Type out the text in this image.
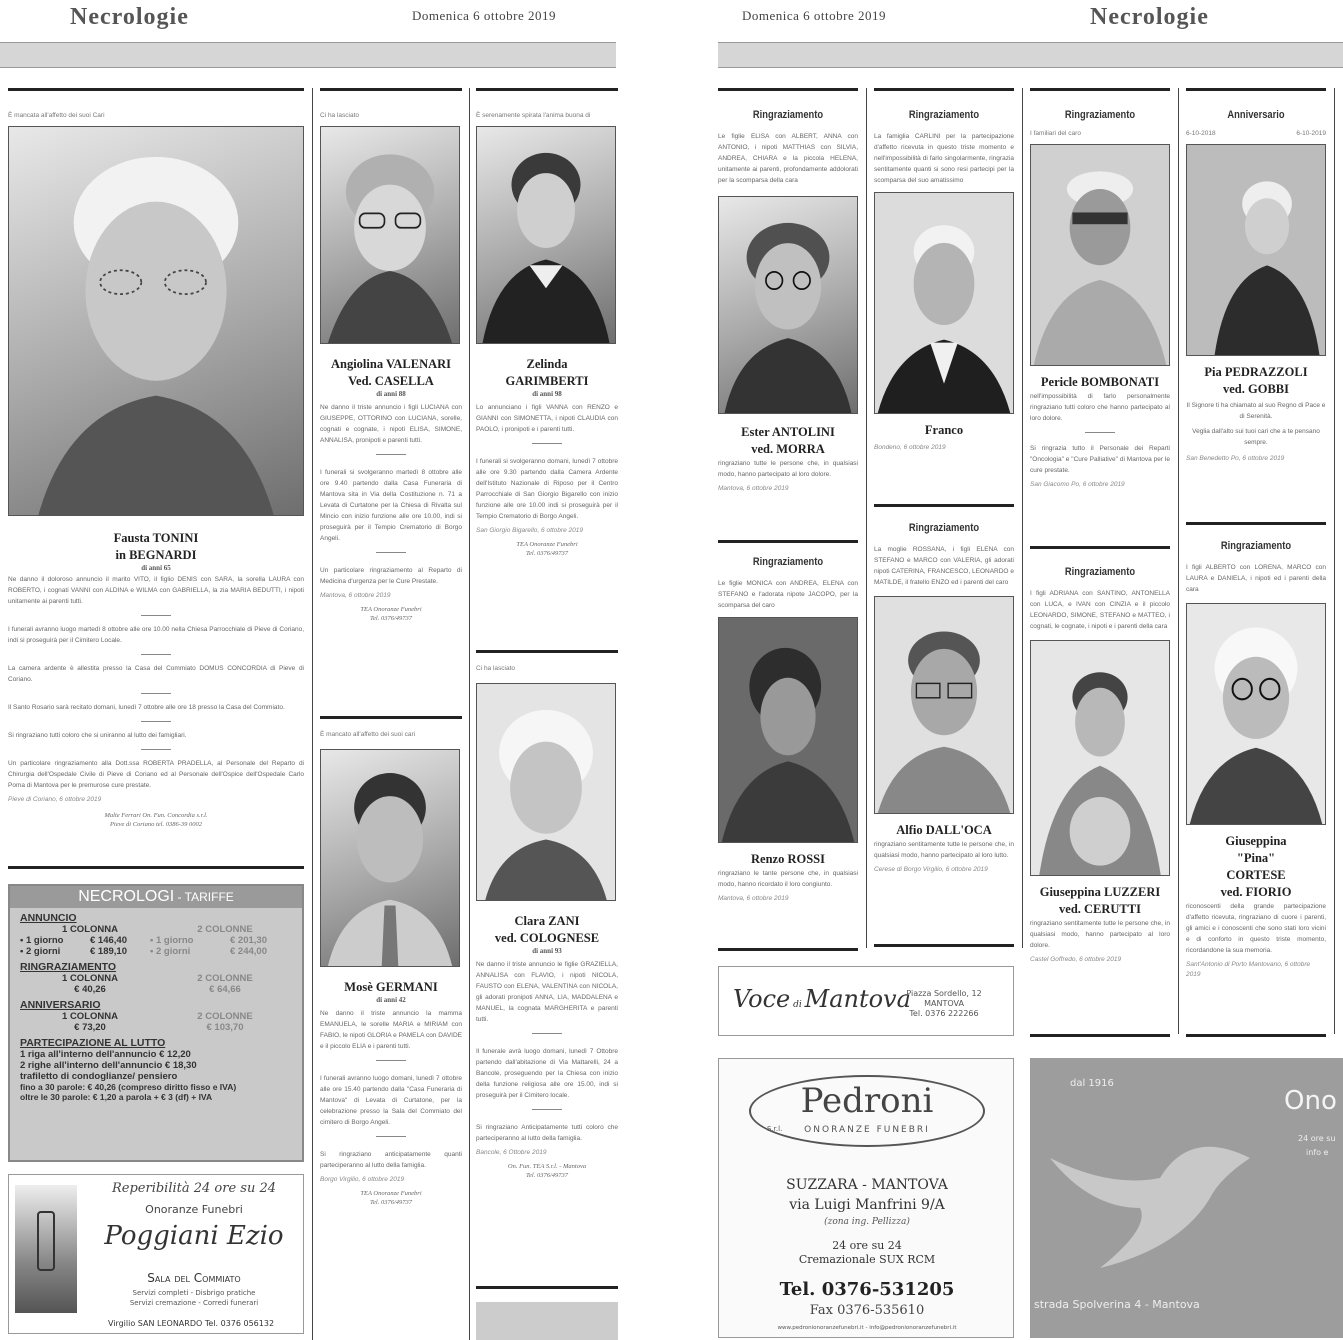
Necrologie	Domenica 6 ottobre 2019	Domenica 6 ottobre 2019	Necrologie
È mancata all'affetto dei suoi Cari
Fausta TONINI
in BEGNARDI
di anni 65
Ne danno il doloroso annuncio il marito VITO, il figlio DENIS con SARA, la sorella LAURA con ROBERTO, i cognati VANNI con ALDINA e WILMA con GABRIELLA, la zia MARIA BEDUTTI, i nipoti unitamente ai parenti tutti.
I funerali avranno luogo martedì 8 ottobre alle ore 10.00 nella Chiesa Parrocchiale di Pieve di Coriano, indi si proseguirà per il Cimitero Locale.
La camera ardente è allestita presso la Casa del Commiato DOMUS CONCORDIA di Pieve di Coriano.
Il Santo Rosario sarà recitato domani, lunedì 7 ottobre alle ore 18 presso la Casa del Commiato.
Si ringraziano tutti coloro che si uniranno al lutto dei famigliari.
Un particolare ringraziamento alla Dott.ssa ROBERTA PRADELLA, al Personale del Reparto di Chirurgia dell'Ospedale Civile di Pieve di Coriano ed al Personale dell'Ospice dell'Ospedale Carlo Poma di Mantova per le premurose cure prestate.
Pieve di Coriano, 6 ottobre 2019
Malte Ferrari On. Fun. Concordia s.r.l.
Pieve di Coriano tel. 0386-39 0002
NECROLOGI - TARIFFE
ANNUNCIO
1 COLONNA	2 COLONNE
• 1 giorno	€ 146,40	• 1 giorno	€ 201,30
• 2 giorni	€ 189,10	• 2 giorni	€ 244,00
RINGRAZIAMENTO
1 COLONNA	2 COLONNE
€ 40,26	€ 64,66
ANNIVERSARIO
1 COLONNA	2 COLONNE
€ 73,20	€ 103,70
PARTECIPAZIONE AL LUTTO
1 riga all'interno dell'annuncio € 12,20
2 righe all'interno dell'annuncio € 18,30
trafiletto di condoglianze/ pensiero
fino a 30 parole: € 40,26 (compreso diritto fisso e IVA)
oltre le 30 parole: € 1,20 a parola + € 3 (df) + IVA
Reperibilità 24 ore su 24
Onoranze Funebri
Poggiani Ezio
Sala del Commiato
Servizi completi - Disbrigo pratiche
Servizi cremazione - Corredi funerari
Virgilio SAN LEONARDO Tel. 0376 056132
Ci ha lasciato
Angiolina VALENARI
Ved. CASELLA
di anni 88
Ne danno il triste annuncio i figli LUCIANA con GIUSEPPE, OTTORINO con LUCIANA, sorelle, cognati e cognate, i nipoti ELISA, SIMONE, ANNALISA, pronipoti e parenti tutti.
I funerali si svolgeranno martedì 8 ottobre alle ore 9.40 partendo dalla Casa Funeraria di Mantova sita in Via della Costituzione n. 71 a Levata di Curtatone per la Chiesa di Rivalta sul Mincio con inizio funzione alle ore 10.00, indi si proseguirà per il Tempio Crematorio di Borgo Angeli.
Un particolare ringraziamento al Reparto di Medicina d'urgenza per le Cure Prestate.
Mantova, 6 ottobre 2019
TEA Onoranze Funebri
Tel. 0376/49737
È mancato all'affetto dei suoi cari
Mosè GERMANI
di anni 42
Ne danno il triste annuncio la mamma EMANUELA, le sorelle MARIA e MIRIAM con FABIO, le nipoti GLORIA e PAMELA con DAVIDE e il piccolo ELIA e i parenti tutti.
I funerali avranno luogo domani, lunedì 7 ottobre alle ore 15.40 partendo dalla "Casa Funeraria di Mantova" di Levata di Curtatone, per la celebrazione presso la Sala del Commiato del cimitero di Borgo Angeli.
Si ringraziano anticipatamente quanti parteciperanno al lutto della famiglia.
Borgo Virgilio, 6 ottobre 2019
TEA Onoranze Funebri
Tel. 0376/49737
È serenamente spirata l'anima buona di
Zelinda
GARIMBERTI
di anni 98
Lo annunciano i figli VANNA con RENZO e GIANNI con SIMONETTA, i nipoti CLAUDIA con PAOLO, i pronipoti e i parenti tutti.
I funerali si svolgeranno domani, lunedì 7 ottobre alle ore 9.30 partendo dalla Camera Ardente dell'Istituto Nazionale di Riposo per il Centro Parrocchiale di San Giorgio Bigarello con inizio funzione alle ore 10.00 indi si proseguirà per il Tempio Crematorio di Borgo Angeli.
San Giorgio Bigarello, 6 ottobre 2019
TEA Onoranze Funebri
Tel. 0376/49737
Ci ha lasciato
Clara ZANI
ved. COLOGNESE
di anni 93
Ne danno il triste annuncio le figlie GRAZIELLA, ANNALISA con FLAVIO, i nipoti NICOLA, FAUSTO con ELENA, VALENTINA con NICOLA, gli adorati pronipoti ANNA, LIA, MADDALENA e MANUEL, la cognata MARGHERITA e parenti tutti.
Il funerale avrà luogo domani, lunedì 7 Ottobre partendo dall'abitazione di Via Mattarelli, 24 a Bancole, proseguendo per la Chiesa con inizio della funzione religiosa alle ore 15.00, indi si proseguirà per il Cimitero locale.
Si ringraziano Anticipatamente tutti coloro che parteciperanno al lutto della famiglia.
Bancole, 6 Ottobre 2019
On. Fun. TEA S.r.l. - Mantova
Tel. 0376/49737
Ringraziamento
Le figlie ELISA con ALBERT, ANNA con ANTONIO, i nipoti MATTHIAS con SILVIA, ANDREA, CHIARA e la piccola HELENA, unitamente ai parenti, profondamente addolorati per la scomparsa della cara
Ester ANTOLINI
ved. MORRA
ringraziano tutte le persone che, in qualsiasi modo, hanno partecipato al loro dolore.
Mantova, 6 ottobre 2019
Ringraziamento
Le figlie MONICA con ANDREA, ELENA con STEFANO e l'adorata nipote JACOPO, per la scomparsa del caro
Renzo ROSSI
ringraziano le tante persone che, in qualsiasi modo, hanno ricordato il loro congiunto.
Mantova, 6 ottobre 2019
Ringraziamento
La famiglia CARLINI per la partecipazione d'affetto ricevuta in questo triste momento e nell'impossibilità di farlo singolarmente, ringrazia sentitamente quanti si sono resi partecipi per la scomparsa del suo amatissimo
Franco
Bondeno, 6 ottobre 2019
Ringraziamento
La moglie ROSSANA, i figli ELENA con STEFANO e MARCO con VALERIA, gli adorati nipoti CATERINA, FRANCESCO, LEONARDO e MATILDE, il fratello ENZO ed i parenti del caro
Alfio DALL'OCA
ringraziano sentitamente tutte le persone che, in qualsiasi modo, hanno partecipato al loro lutto.
Cerese di Borgo Virgilio, 6 ottobre 2019
Voce di Mantova
Piazza Sordello, 12
MANTOVA
Tel. 0376 222266
Ringraziamento
I familiari del caro
Pericle BOMBONATI
nell'impossibilità di farlo personalmente ringraziano tutti coloro che hanno partecipato al loro dolore.
Si ringrazia tutto il Personale dei Reparti "Oncologia" e "Cure Palliative" di Mantova per le cure prestate.
San Giacomo Po, 6 ottobre 2019
Ringraziamento
I figli ADRIANA con SANTINO, ANTONELLA con LUCA, e IVAN con CINZIA e il piccolo LEONARDO, SIMONE, STEFANO e MATTEO, i cognati, le cognate, i nipoti e i parenti della cara
Giuseppina LUZZERI
ved. CERUTTI
ringraziano sentitamente tutte le persone che, in qualsiasi modo, hanno partecipato al loro dolore.
Castel Goffredo, 6 ottobre 2019
Anniversario
6-10-2018	6-10-2019
Pia PEDRAZZOLI
ved. GOBBI
Il Signore ti ha chiamato al suo Regno di Pace e di Serenità.
Veglia dall'alto sui tuoi cari che a te pensano sempre.
San Benedetto Po, 6 ottobre 2019
Ringraziamento
I figli ALBERTO con LORENA, MARCO con LAURA e DANIELA, i nipoti ed i parenti della cara
Giuseppina
"Pina"
CORTESE
ved. FIORIO
riconoscenti della grande partecipazione d'affetto ricevuta, ringraziano di cuore i parenti, gli amici e i conoscenti che sono stati loro vicini e di conforto in questo triste momento, ricordandone la sua memoria.
Sant'Antonio di Porto Mantovano, 6 ottobre 2019
Pedroni
S.r.l.	ONORANZE FUNEBRI
SUZZARA - MANTOVA
via Luigi Manfrini 9/A
(zona ing. Pellizza)
24 ore su 24
Cremazionale SUX RCM
Tel. 0376-531205
Fax 0376-535610
www.pedronionoranzefunebri.it - info@pedronionoranzefunebri.it
dal 1916
Ono
24 ore su
info e
strada Spolverina 4 - Mantova
